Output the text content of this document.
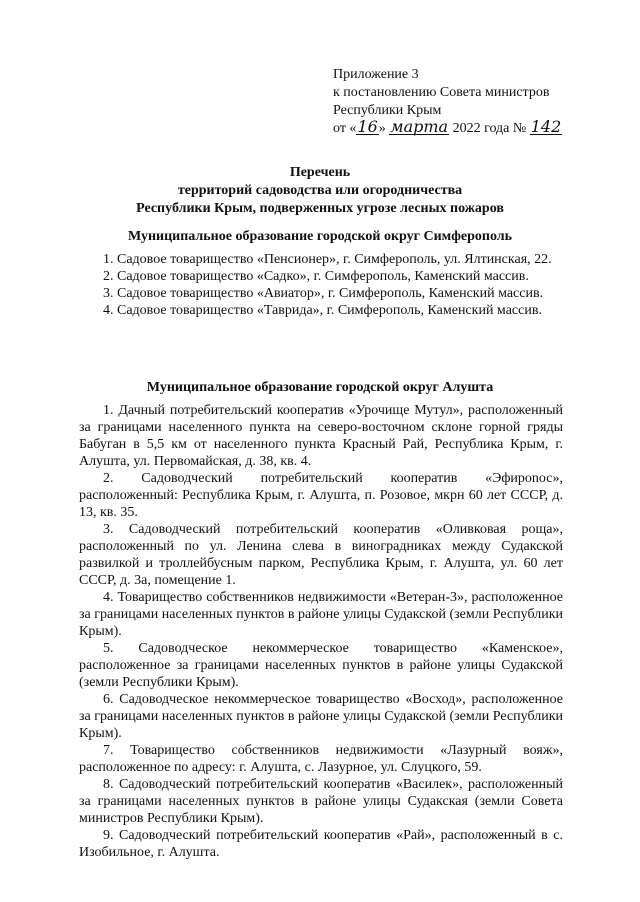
Приложение 3
к постановлению Совета министров
Республики Крым
от «16» марта 2022 года № 142
Перечень
территорий садоводства или огородничества
Республики Крым, подверженных угрозе лесных пожаров
Муниципальное образование городской округ Симферополь

1. Садовое товарищество «Пенсионер», г. Симферополь, ул. Ялтинская, 22.

2. Садовое товарищество «Садко», г. Симферополь, Каменский массив.

3. Садовое товарищество «Авиатор», г. Симферополь, Каменский массив.

4. Садовое товарищество «Таврида», г. Симферополь, Каменский массив.

Муниципальное образование городской округ Алушта

1. Дачный потребительский кооператив «Урочище Мутул», расположенный за границами населенного пункта на северо-восточном склоне горной гряды Бабуган в 5,5 км от населенного пункта Красный Рай, Республика Крым, г. Алушта, ул. Первомайская, д. 38, кв. 4.

2. Садоводческий потребительский кооператив «Эфироnос», расположенный: Республика Крым, г. Алушта, п. Розовое, мкрн 60 лет СССР, д. 13, кв. 35.

3. Садоводческий потребительский кооператив «Оливковая роща», расположенный по ул. Ленина слева в виноградниках между Судакской развилкой и троллейбусным парком, Республика Крым, г. Алушта, ул. 60 лет СССР, д. 3а, помещение 1.

4. Товарищество собственников недвижимости «Ветеран-3», расположенное за границами населенных пунктов в районе улицы Судакской (земли Республики Крым).

5. Садоводческое некоммерческое товарищество «Каменское», расположенное за границами населенных пунктов в районе улицы Судакской (земли Республики Крым).

6. Садоводческое некоммерческое товарищество «Восход», расположенное за границами населенных пунктов в районе улицы Судакской (земли Республики Крым).

7. Товарищество собственников недвижимости «Лазурный вояж», расположенное по адресу: г. Алушта, с. Лазурное, ул. Слуцкого, 59.

8. Садоводческий потребительский кооператив «Василек», расположенный за границами населенных пунктов в районе улицы Судакская (земли Совета министров Республики Крым).

9. Садоводческий потребительский кооператив «Рай», расположенный в с. Изобильное, г. Алушта.
